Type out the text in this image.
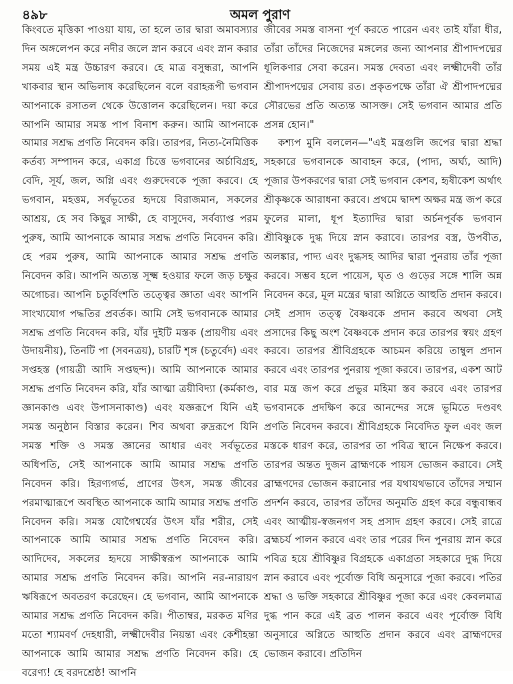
৪৯৮	অমল পুরাণ

কিংবতে মৃত্তিকা পাওয়া যায়, তা হলে তার দ্বারা অমাবস্যার দিন অঙ্গলেপন করে নদীর জলে স্নান করবে এবং স্নান করার সময় এই মন্ত্র উচ্চারণ করবে। হে মাত্র বসুন্ধরা, আপনি খাকবার স্থান অভিলাষ করেছিলেন বলে বরাহরূপী ভগবান আপনাকে রসাতল থেকে উত্তোলন করেছিলেন। দয়া করে আপনি আমার সমস্ত পাপ বিনাশ করুন। আমি আপনাকে আমার সশ্রদ্ধ প্রণতি নিবেদন করি। তারপর, নিত্য-নৈমিত্তিক কর্তব্য সম্পাদন করে, একাগ্র চিত্তে ভগবানের অর্চাবিগ্রহ, বেদি, সূর্য, জল, অগ্নি এবং গুরুদেবকে পূজা করবে। হে ভগবান, মহত্তম, সর্বভূতের হৃদয়ে বিরাজমান, সকলের আশ্রয়, হে সব কিছুর সাক্ষী, হে বাসুদেব, সর্বব্যাপ্ত পরম পুরুষ, আমি আপনাকে আমার সশ্রদ্ধ প্রণতি নিবেদন করি। হে পরম পুরুষ, আমি আপনাকে আমার সশ্রদ্ধ প্রণতি নিবেদন করি। আপনি অত্যন্ত সূক্ষ্ম হওয়ার ফলে জড় চক্ষুর অগোচর। আপনি চতুর্বিংশতি তত্ত্বের জ্ঞাতা এবং আপনি সাংখ্যযোগ পদ্ধতির প্রবর্তক। আমি সেই ভগবানকে আমার সশ্রদ্ধ প্রণতি নিবেদন করি, যাঁর দুইটি মস্তক (প্রায়ণীয় এবং উদায়নীয়), তিনটি পা (সবনত্রয়), চারটি শৃঙ্গ (চতুর্বেদ) এবং সপ্তহস্ত (গায়ত্রী আদি সপ্তছন্দ)। আমি আপনাকে আমার সশ্রদ্ধ প্রণতি নিবেদন করি, যাঁর আত্মা ত্রয়ীবিদ্যা (কর্মকাণ্ড, জ্ঞানকাণ্ড এবং উপাসনাকাণ্ড) এবং যজ্ঞরূপে যিনি এই সমস্ত অনুষ্ঠান বিস্তার করেন। শিব অথবা রুদ্ররূপে যিনি সমস্ত শক্তি ও সমস্ত জ্ঞানের আধার এবং সর্বভূতের অধিপতি, সেই আপনাকে আমি আমার সশ্রদ্ধ প্রণতি নিবেদন করি। হিরণ্যগর্ভ, প্রাণের উৎস, সমস্ত জীবের পরমাত্মারূপে অবস্থিত আপনাকে আমি আমার সশ্রদ্ধ প্রণতি নিবেদন করি। সমস্ত যোগৈশ্বর্যের উৎস যাঁর শরীর, সেই আপনাকে আমি আমার সশ্রদ্ধ প্রণতি নিবেদন করি। আদিদেব, সকলের হৃদয়ে সাক্ষীস্বরূপ আপনাকে আমি আমার সশ্রদ্ধ প্রণতি নিবেদন করি। আপনি নর-নারায়ণ ঋষিরূপে অবতরণ করেছেন। হে ভগবান, আমি আপনাকে আমার সশ্রদ্ধ প্রণতি নিবেদন করি। পীতাম্বর, মরকত মণির মতো শ্যামবর্ণ দেহধারী, লক্ষ্মীদেবীর নিয়ন্তা এবং কেশীহন্তা আপনাকে আমি আমার সশ্রদ্ধ প্রণতি নিবেদন করি। হে বরেণ্য! হে বরদশ্রেষ্ঠ! আপনি

জীবের সমস্ত বাসনা পূর্ণ করতে পারেন এবং তাই যাঁরা ধীর, তাঁরা তাঁদের নিজেদের মঙ্গলের জন্য আপনার শ্রীপাদপদ্মের ধূলিকণার সেবা করেন। সমস্ত দেবতা এবং লক্ষ্মীদেবী তাঁর শ্রীপাদপদ্মের সেবায় রত। প্রকৃতপক্ষে তাঁরা ঐ শ্রীপাদপদ্মের সৌরভের প্রতি অত্যন্ত আসক্ত। সেই ভগবান আমার প্রতি প্রসন্ন হোন।"

কশ্যপ মুনি বললেন—"এই মন্ত্রগুলি জপের দ্বারা শ্রদ্ধা সহকারে ভগবানকে আবাহন করে, (পাদ্য, অর্ঘ্য, আদি) পূজার উপকরণের দ্বারা সেই ভগবান কেশব, হৃষীকেশ অর্থাৎ শ্রীকৃষ্ণকে আরাধনা করবে। প্রথমে দ্বাদশ অক্ষর মন্ত্র জপ করে ফুলের মালা, ধূপ ইত্যাদির দ্বারা অর্চনপূর্বক ভগবান শ্রীবিষ্ণুকে দুগ্ধ দিয়ে স্নান করাবে। তারপর বস্ত্র, উপবীত, অলঙ্কার, পাদ্য এবং দুগ্ধসহ আদির দ্বারা পুনরায় তাঁর পূজা করবে। সম্ভব হলে পায়েস, ঘৃত ও গুড়ের সঙ্গে শালি অন্ন নিবেদন করে, মূল মন্ত্রের দ্বারা অগ্নিতে আহুতি প্রদান করবে। সেই প্রসাদ তত্ত্ব বৈষ্ণবকে প্রদান করবে অথবা সেই প্রসাদের কিছু অংশ বৈষ্ণবকে প্রদান করে তারপর স্বয়ং গ্রহণ করবে। তারপর শ্রীবিগ্রহকে আচমন করিয়ে তাম্বুল প্রদান করবে এবং তারপর পুনরায় পূজা করবে। তারপর, একশ আট বার মন্ত্র জপ করে প্রভুর মহিমা স্তব করবে এবং তারপর ভগবানকে প্রদক্ষিণ করে আনন্দের সঙ্গে ভূমিতে দণ্ডবৎ প্রণতি নিবেদন করবে। শ্রীবিগ্রহকে নিবেদিত ফুল এবং জল মস্তকে ধারণ করে, তারপর তা পবিত্র স্থানে নিক্ষেপ করবে। তারপর অন্তত দুজন ব্রাহ্মণকে পায়স ভোজন করাবে। সেই ব্রাহ্মণদের ভোজন করানোর পর যথাযথভাবে তাঁদের সম্মান প্রদর্শন করবে, তারপর তাঁদের অনুমতি গ্রহণ করে বন্ধুবান্ধব এবং আত্মীয়-স্বজনগণ সহ প্রসাদ গ্রহণ করবে। সেই রাত্রে ব্রহ্মচর্য পালন করবে এবং তার পরের দিন পুনরায় স্নান করে পবিত্র হয়ে শ্রীবিষ্ণুর বিগ্রহকে একাগ্রতা সহকারে দুগ্ধ দিয়ে স্নান করাবে এবং পূর্বোক্ত বিধি অনুসারে পূজা করবে। পতির শ্রদ্ধা ও ভক্তি সহকারে শ্রীবিষ্ণুর পূজা করে এবং কেবলমাত্র দুগ্ধ পান করে এই ব্রত পালন করবে এবং পূর্বোক্ত বিধি অনুসারে অগ্নিতে আহুতি প্রদান করবে এবং ব্রাহ্মণদের ভোজন করাবে। প্রতিদিন
